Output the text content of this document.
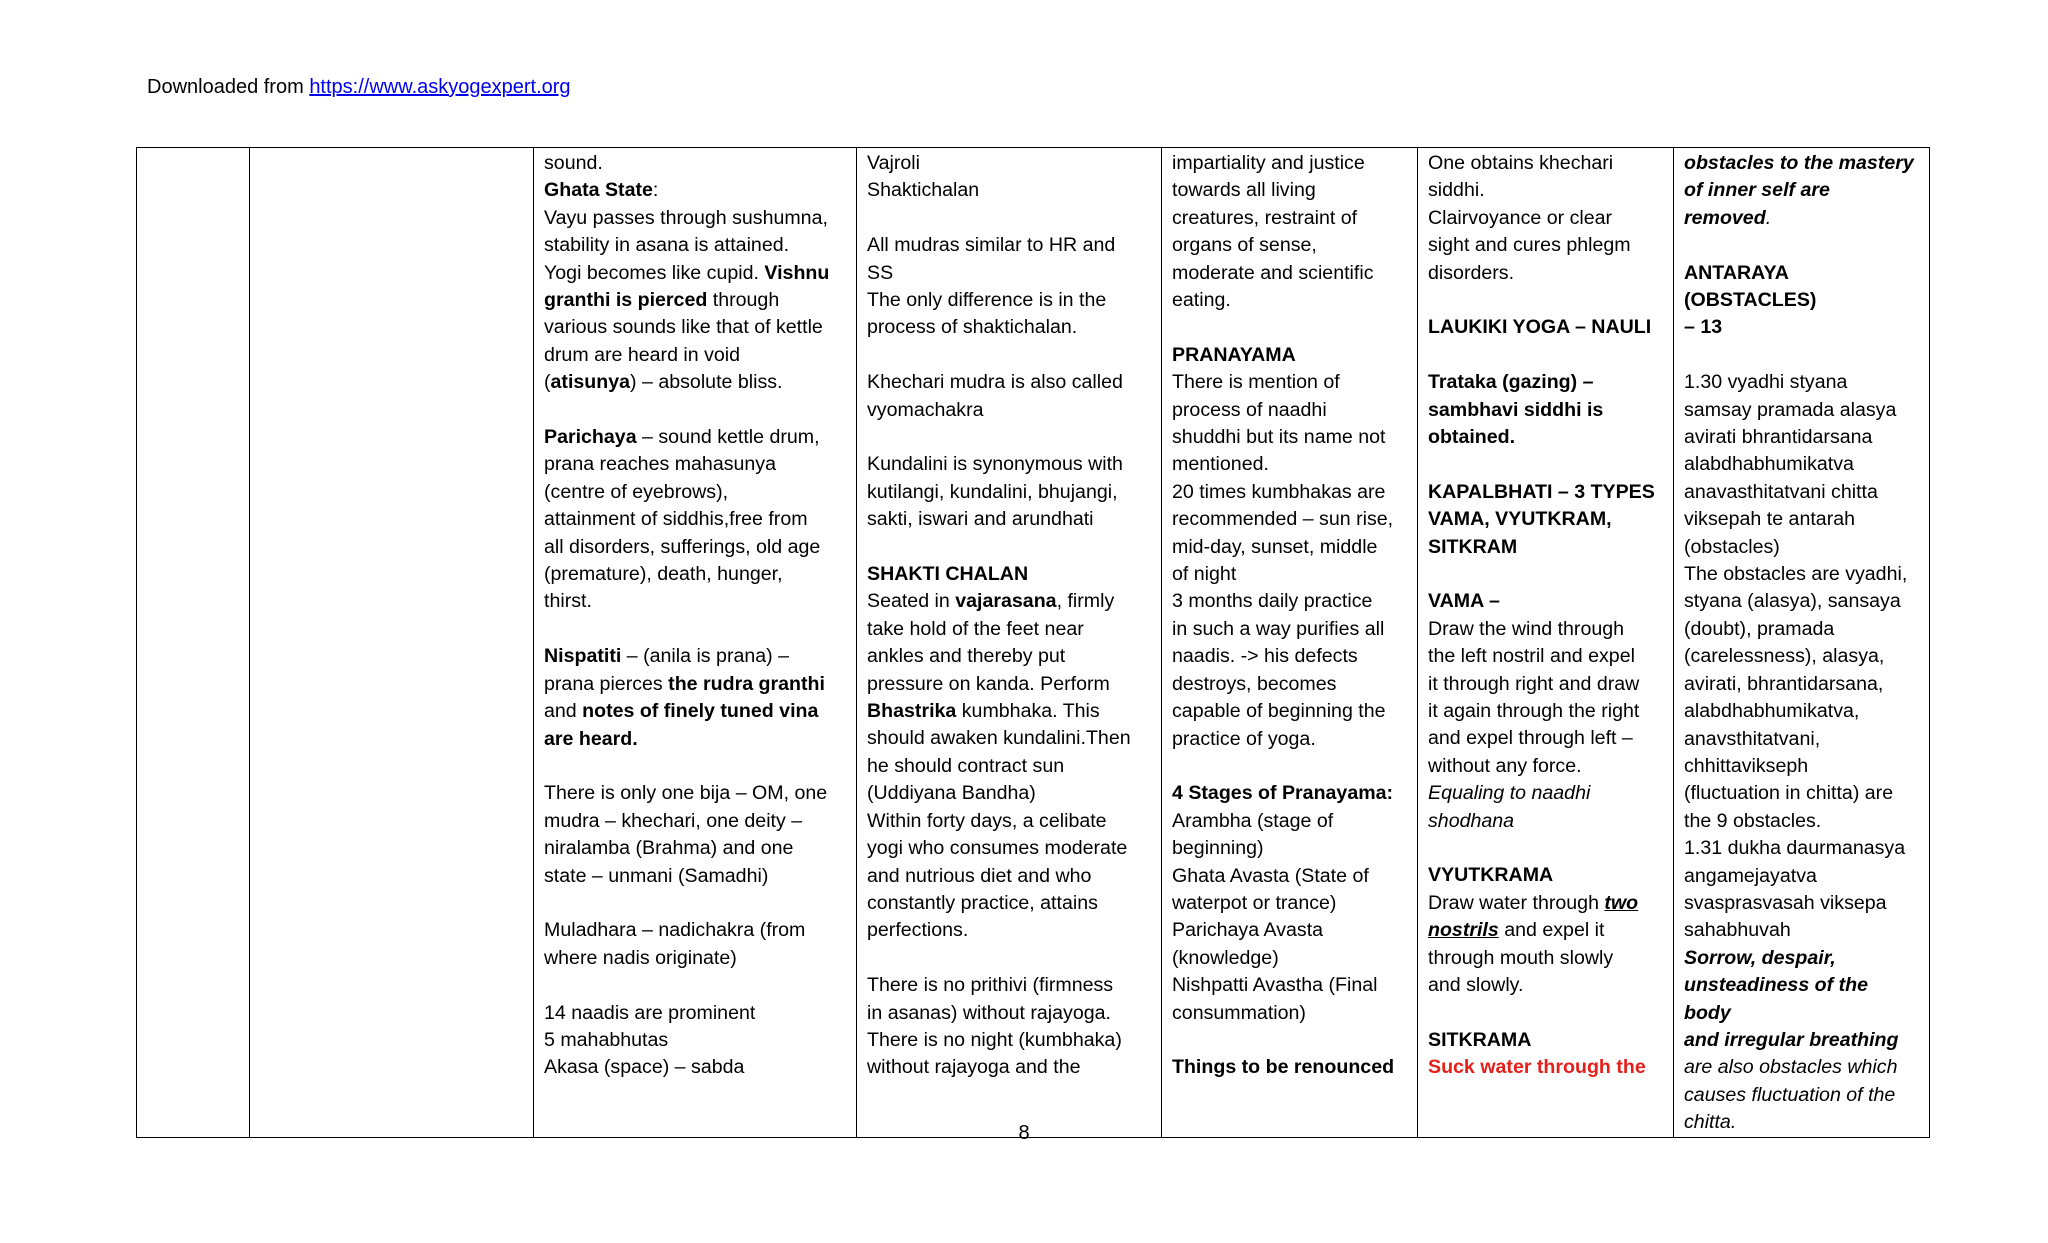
Downloaded from https://www.askyogexpert.org

sound.
Ghata State:
Vayu passes through sushumna,
stability in asana is attained.
Yogi becomes like cupid. Vishnu
granthi is pierced through
various sounds like that of kettle
drum are heard in void
(atisunya) – absolute bliss.
Parichaya – sound kettle drum,
prana reaches mahasunya
(centre of eyebrows),
attainment of siddhis,free from
all disorders, sufferings, old age
(premature), death, hunger,
thirst.
Nispatiti – (anila is prana) –
prana pierces the rudra granthi
and notes of finely tuned vina
are heard.
There is only one bija – OM, one
mudra – khechari, one deity –
niralamba (Brahma) and one
state – unmani (Samadhi)
Muladhara – nadichakra (from
where nadis originate)
14 naadis are prominent
5 mahabhutas
Akasa (space) – sabda

Vajroli
Shaktichalan
All mudras similar to HR and
SS
The only difference is in the
process of shaktichalan.
Khechari mudra is also called
vyomachakra
Kundalini is synonymous with
kutilangi, kundalini, bhujangi,
sakti, iswari and arundhati
SHAKTI CHALAN
Seated in vajarasana, firmly
take hold of the feet near
ankles and thereby put
pressure on kanda. Perform
Bhastrika kumbhaka. This
should awaken kundalini.Then
he should contract sun
(Uddiyana Bandha)
Within forty days, a celibate
yogi who consumes moderate
and nutrious diet and who
constantly practice, attains
perfections.
There is no prithivi (firmness
in asanas) without rajayoga.
There is no night (kumbhaka)
without rajayoga and the

impartiality and justice
towards all living
creatures, restraint of
organs of sense,
moderate and scientific
eating.
PRANAYAMA
There is mention of
process of naadhi
shuddhi but its name not
mentioned.
20 times kumbhakas are
recommended – sun rise,
mid-day, sunset, middle
of night
3 months daily practice
in such a way purifies all
naadis. -> his defects
destroys, becomes
capable of beginning the
practice of yoga.
4 Stages of Pranayama:
Arambha (stage of
beginning)
Ghata Avasta (State of
waterpot or trance)
Parichaya Avasta
(knowledge)
Nishpatti Avastha (Final
consummation)
Things to be renounced

One obtains khechari
siddhi.
Clairvoyance or clear
sight and cures phlegm
disorders.
LAUKIKI YOGA – NAULI
Trataka (gazing) –
sambhavi siddhi is
obtained.
KAPALBHATI – 3 TYPES
VAMA, VYUTKRAM,
SITKRAM
VAMA –
Draw the wind through
the left nostril and expel
it through right and draw
it again through the right
and expel through left –
without any force.
Equaling to naadhi
shodhana
VYUTKRAMA
Draw water through two
nostrils and expel it
through mouth slowly
and slowly.
SITKRAMA
Suck water through the

obstacles to the mastery
of inner self are
removed.
ANTARAYA (OBSTACLES)
– 13
1.30 vyadhi styana
samsay pramada alasya
avirati bhrantidarsana
alabdhabhumikatva
anavasthitatvani chitta
viksepah te antarah
(obstacles)
The obstacles are vyadhi,
styana (alasya), sansaya
(doubt), pramada
(carelessness), alasya,
avirati, bhrantidarsana,
alabdhabhumikatva,
anavsthitatvani,
chhittavikseph
(fluctuation in chitta) are
the 9 obstacles.
1.31 dukha daurmanasya
angamejayatva
svasprasvasah viksepa
sahabhuvah
Sorrow, despair,
unsteadiness of the body
and irregular breathing
are also obstacles which
causes fluctuation of the
chitta.
8
